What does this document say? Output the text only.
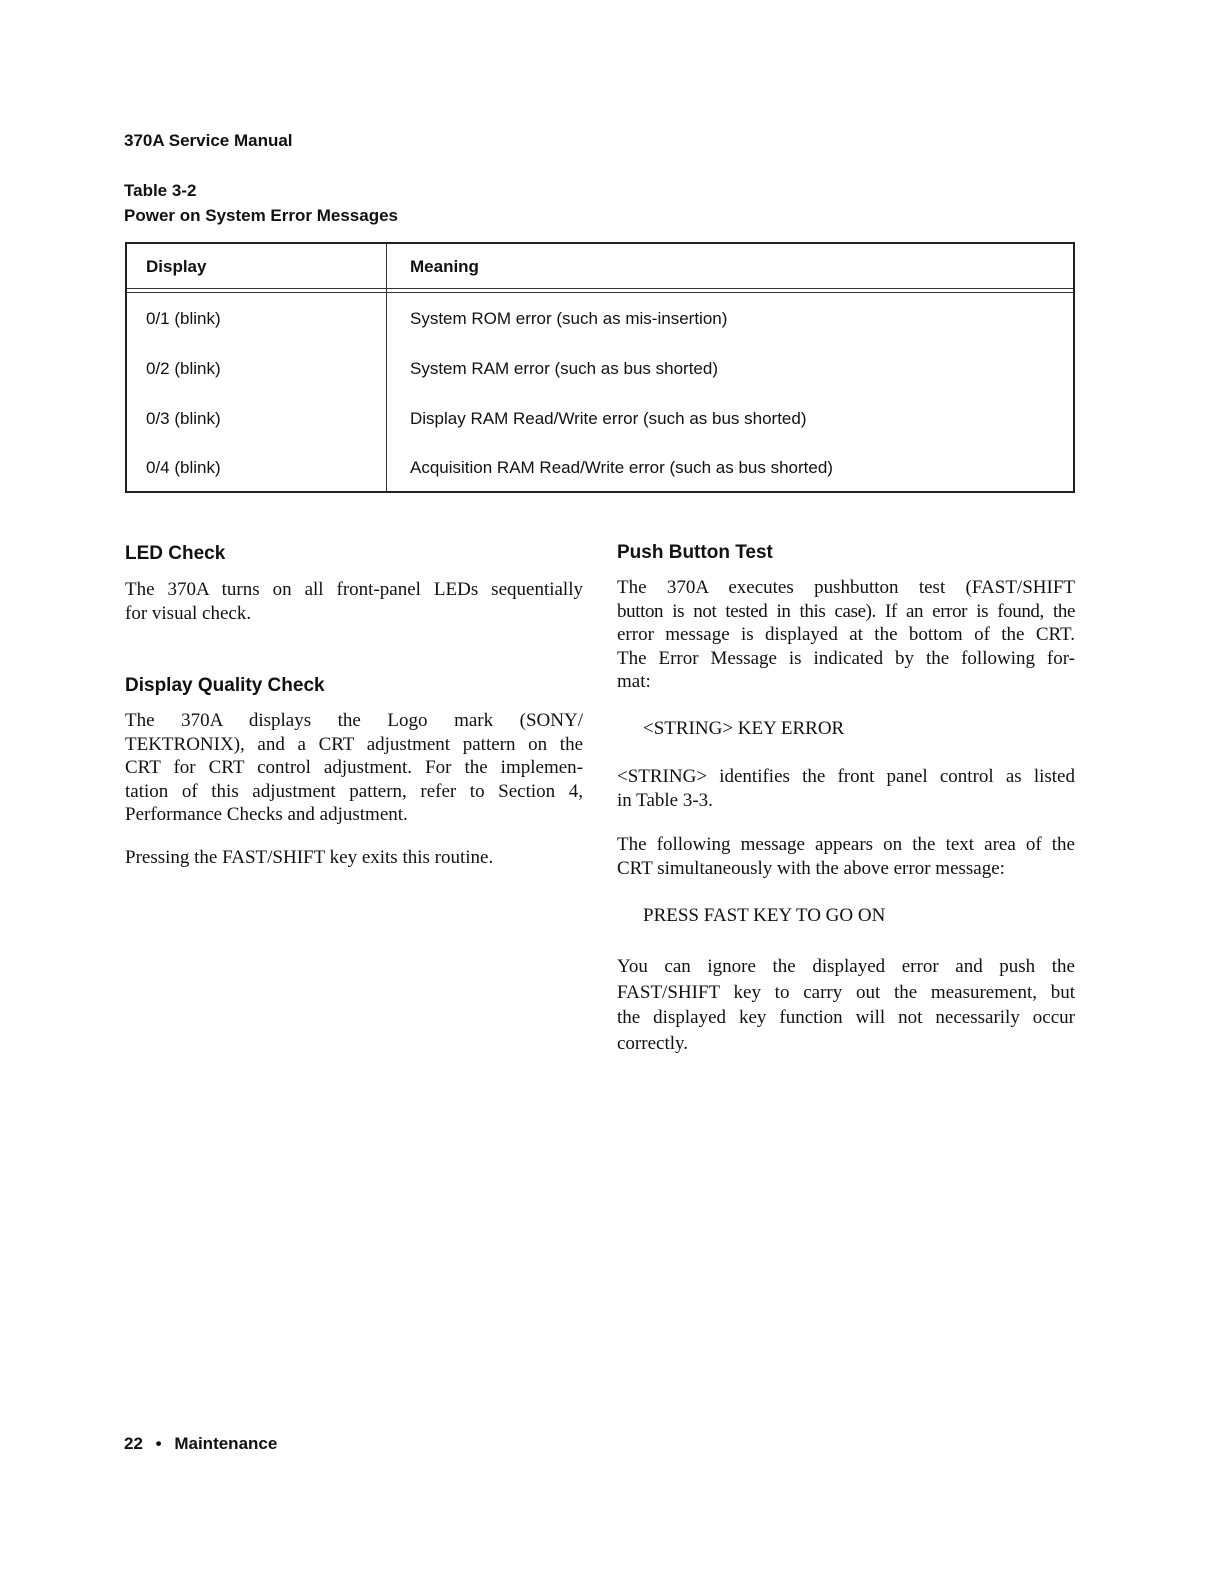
370A Service Manual
Table 3-2
Power on System Error Messages
Display	Meaning
0/1 (blink)	System ROM error (such as mis-insertion)
0/2 (blink)	System RAM error (such as bus shorted)
0/3 (blink)	Display RAM Read/Write error (such as bus shorted)
0/4 (blink)	Acquisition RAM Read/Write error (such as bus shorted)
LED Check
The 370A turns on all front-panel LEDs sequentially
for visual check.
Display Quality Check
The 370A displays the Logo mark (SONY/
TEKTRONIX), and a CRT adjustment pattern on the
CRT for CRT control adjustment. For the implemen-
tation of this adjustment pattern, refer to Section 4,
Performance Checks and adjustment.
Pressing the FAST/SHIFT key exits this routine.
Push Button Test
The 370A executes pushbutton test (FAST/SHIFT
button is not tested in this case). If an error is found, the
error message is displayed at the bottom of the CRT.
The Error Message is indicated by the following for-
mat:
<STRING> KEY ERROR
<STRING> identifies the front panel control as listed
in Table 3-3.
The following message appears on the text area of the
CRT simultaneously with the above error message:
PRESS FAST KEY TO GO ON
You can ignore the displayed error and push the
FAST/SHIFT key to carry out the measurement, but
the displayed key function will not necessarily occur
correctly.
22 • Maintenance
